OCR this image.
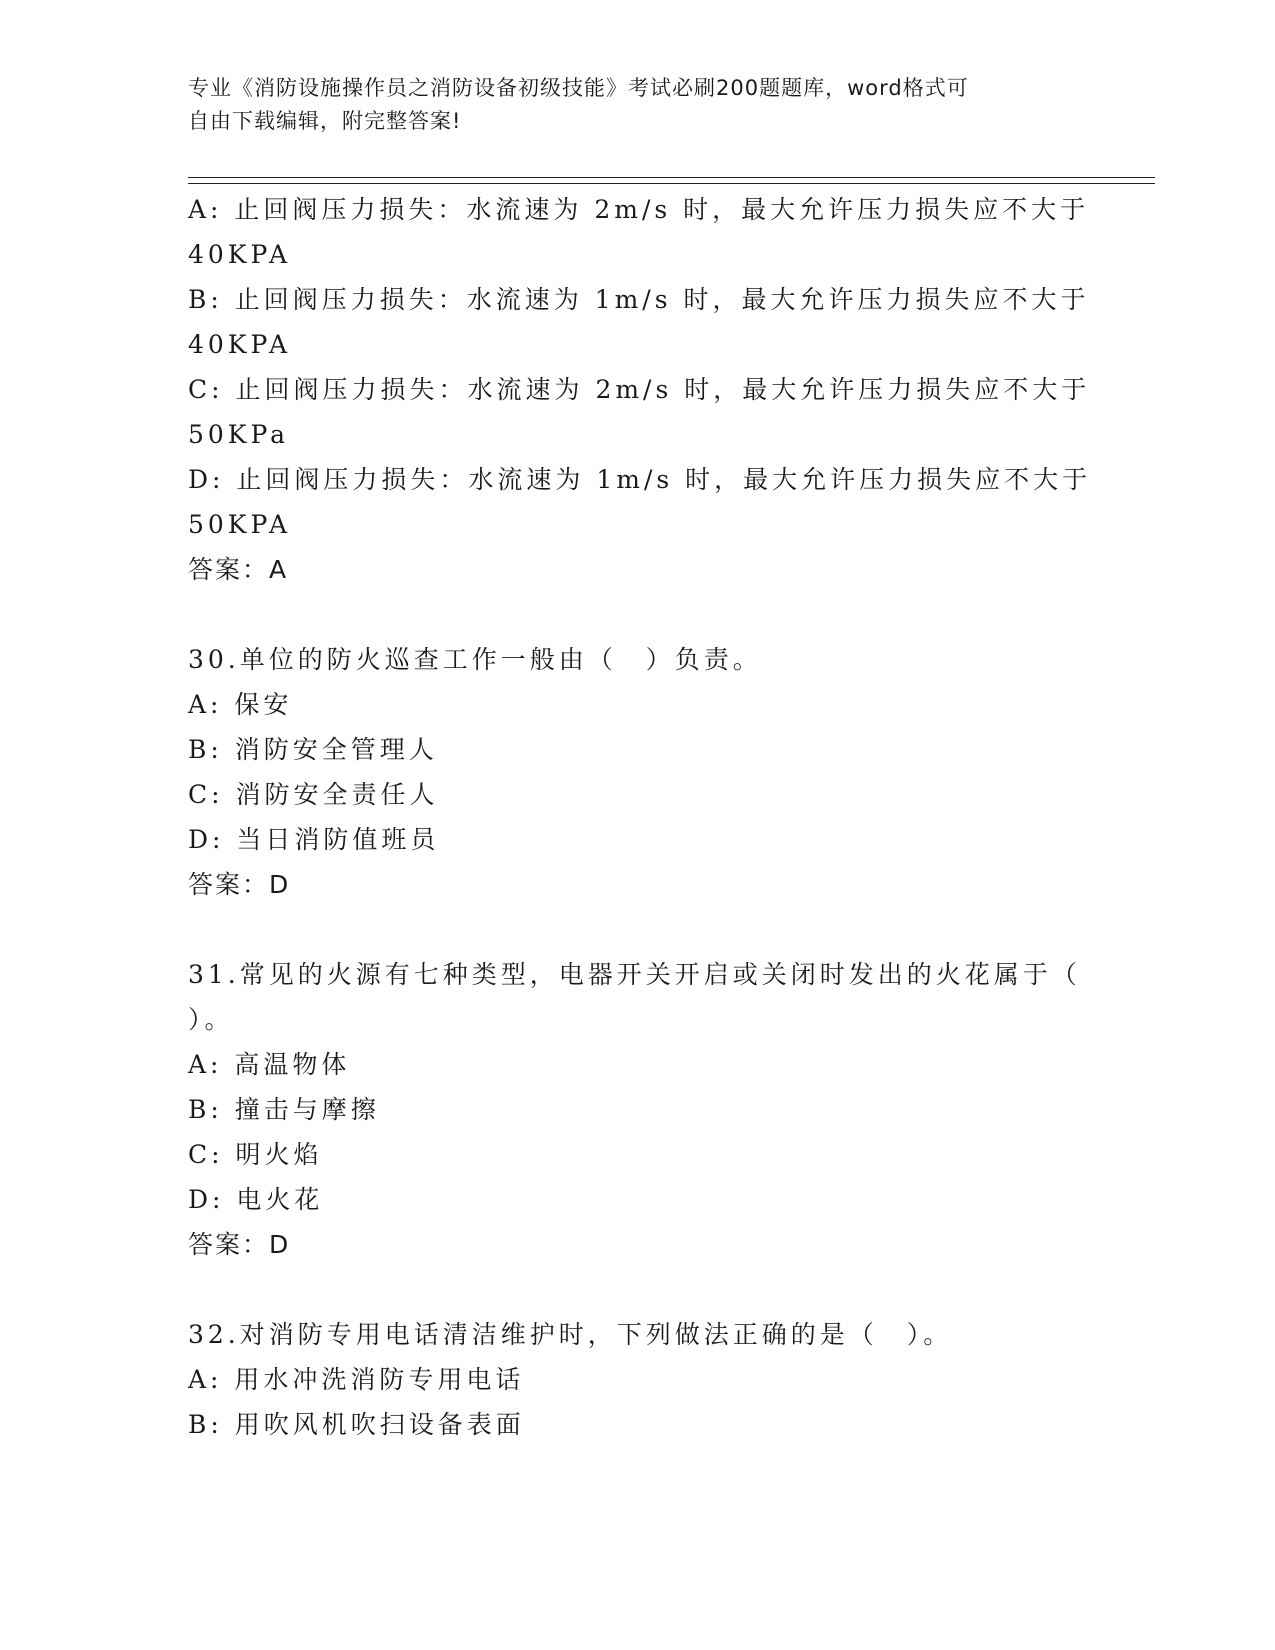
专业《消防设施操作员之消防设备初级技能》考试必刷200题题库，word格式可
自由下载编辑，附完整答案!
A: 止回阀压力损失：水流速为 2m/s 时，最大允许压力损失应不大于
40KPA
B: 止回阀压力损失：水流速为 1m/s 时，最大允许压力损失应不大于
40KPA
C: 止回阀压力损失：水流速为 2m/s 时，最大允许压力损失应不大于
50KPa
D: 止回阀压力损失：水流速为 1m/s 时，最大允许压力损失应不大于
50KPA
答案：A
30.单位的防火巡查工作一般由（　）负责。
A: 保安
B: 消防安全管理人
C: 消防安全责任人
D: 当日消防值班员
答案：D
31.常见的火源有七种类型，电器开关开启或关闭时发出的火花属于（
）。
A: 高温物体
B: 撞击与摩擦
C: 明火焰
D: 电火花
答案：D
32.对消防专用电话清洁维护时，下列做法正确的是（　）。
A: 用水冲洗消防专用电话
B: 用吹风机吹扫设备表面
